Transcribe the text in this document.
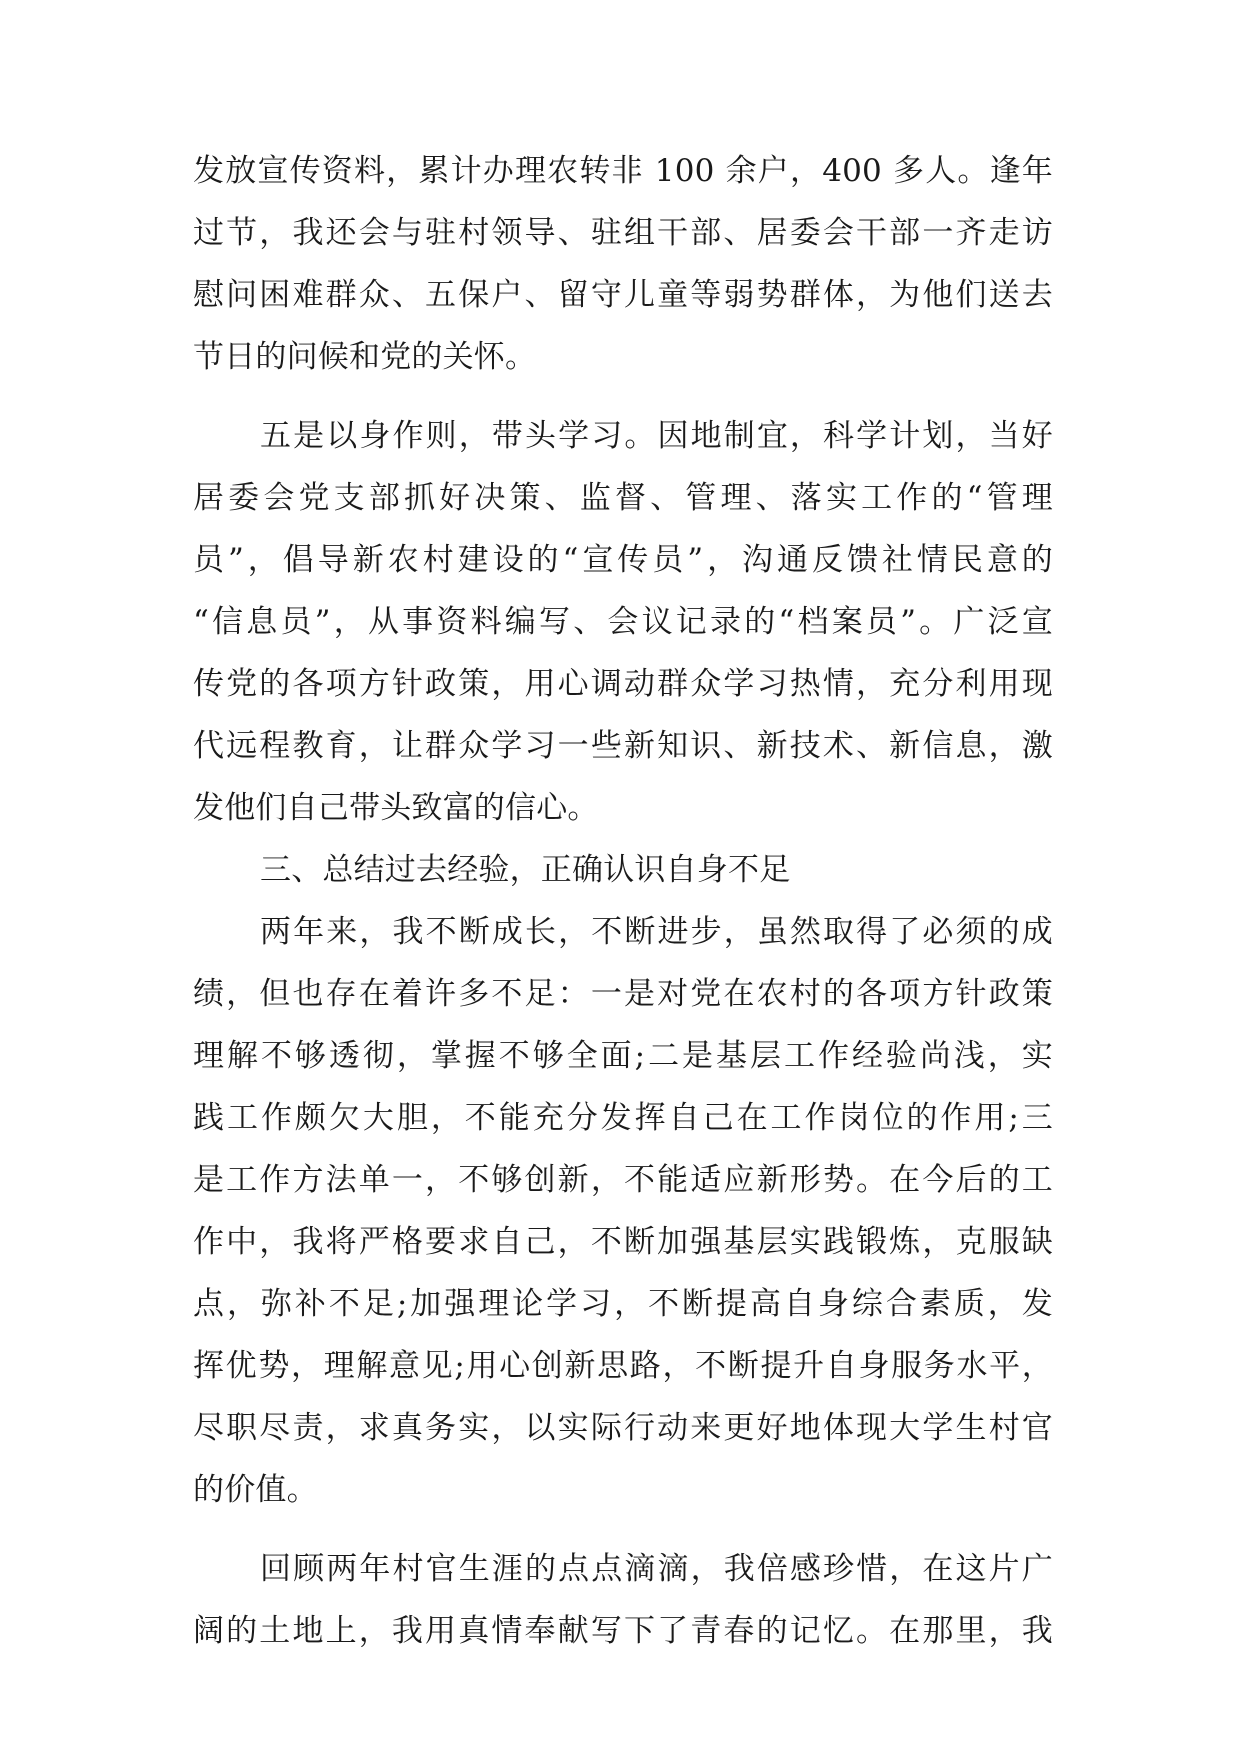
发放宣传资料，累计办理农转非 100 余户，400 多人。逢年
过节，我还会与驻村领导、驻组干部、居委会干部一齐走访
慰问困难群众、五保户、留守儿童等弱势群体，为他们送去
节日的问候和党的关怀。
五是以身作则，带头学习。因地制宜，科学计划，当好
居委会党支部抓好决策、监督、管理、落实工作的“管理
员”，倡导新农村建设的“宣传员”，沟通反馈社情民意的
“信息员”，从事资料编写、会议记录的“档案员”。广泛宣
传党的各项方针政策，用心调动群众学习热情，充分利用现
代远程教育，让群众学习一些新知识、新技术、新信息，激
发他们自己带头致富的信心。
三、总结过去经验，正确认识自身不足
两年来，我不断成长，不断进步，虽然取得了必须的成
绩，但也存在着许多不足：一是对党在农村的各项方针政策
理解不够透彻，掌握不够全面;二是基层工作经验尚浅，实
践工作颇欠大胆，不能充分发挥自己在工作岗位的作用;三
是工作方法单一，不够创新，不能适应新形势。在今后的工
作中，我将严格要求自己，不断加强基层实践锻炼，克服缺
点，弥补不足;加强理论学习，不断提高自身综合素质，发
挥优势，理解意见;用心创新思路，不断提升自身服务水平，
尽职尽责，求真务实，以实际行动来更好地体现大学生村官
的价值。
回顾两年村官生涯的点点滴滴，我倍感珍惜，在这片广
阔的土地上，我用真情奉献写下了青春的记忆。在那里，我
